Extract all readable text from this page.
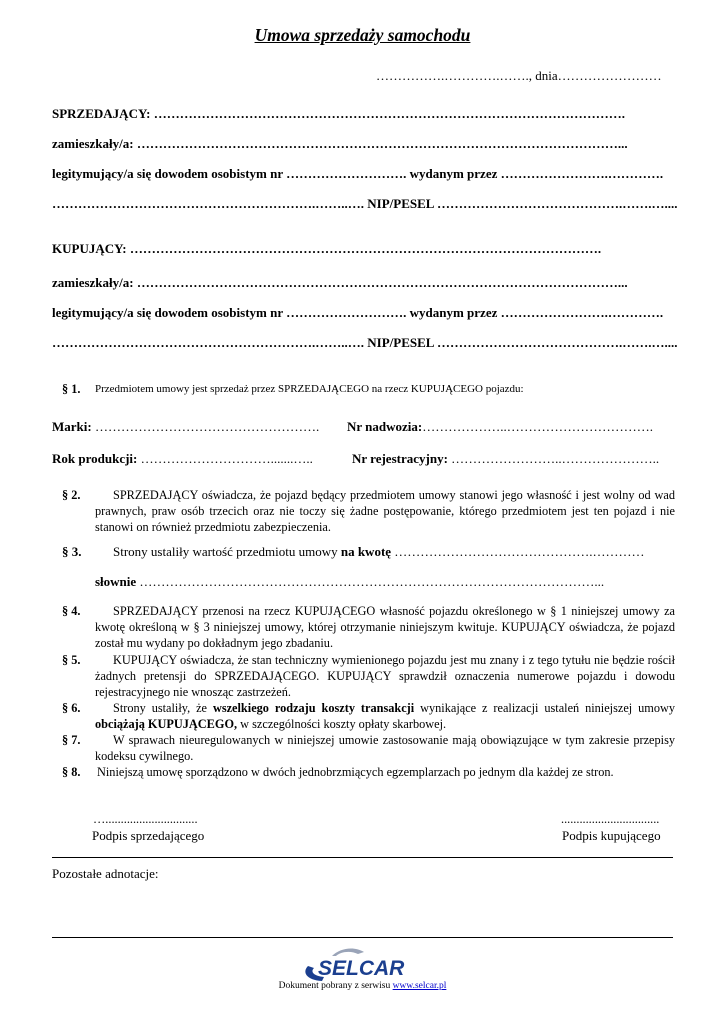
Umowa sprzedaży samochodu
…………….………….……., dnia……………………
SPRZEDAJĄCY: ……………………………………………………………………………………………….
zamieszkały/a: …………………………………………………………………………………………………...
legitymujący/a się dowodem osobistym nr ………………………. wydanym przez …………………….………….
…………………………………………………….……..…. NIP/PESEL …………………………………….…….…....
KUPUJĄCY: ……………………………………………………………………………………………….
zamieszkały/a: …………………………………………………………………………………………………...
legitymujący/a się dowodem osobistym nr ………………………. wydanym przez …………………….………….
…………………………………………………….……..…. NIP/PESEL …………………………………….…….…....
§ 1. Przedmiotem umowy jest sprzedaż przez SPRZEDAJĄCEGO na rzecz KUPUJĄCEGO pojazdu:
Marki: ……………………………………………. Nr nadwozia:………………..…………………………….
Rok produkcji: ………………………….......…..	Nr rejestracyjny: ……………………..…………………..
§ 2.	SPRZEDAJĄCY oświadcza, że pojazd będący przedmiotem umowy stanowi jego własność i jest wolny od wad prawnych, praw osób trzecich oraz nie toczy się żadne postępowanie, którego przedmiotem jest ten pojazd i nie stanowi on również przedmiotu zabezpieczenia.
§ 3. Strony ustaliły wartość przedmiotu umowy na kwotę ……………………………………….…………
słownie ……………………………………………………………………………………………...
§ 4.	SPRZEDAJĄCY przenosi na rzecz KUPUJĄCEGO własność pojazdu określonego w § 1 niniejszej umowy za kwotę określoną w § 3 niniejszej umowy, której otrzymanie niniejszym kwituje. KUPUJĄCY oświadcza, że pojazd został mu wydany po dokładnym jego zbadaniu.
§ 5.	KUPUJĄCY oświadcza, że stan techniczny wymienionego pojazdu jest mu znany i z tego tytułu nie będzie rościł żadnych pretensji do SPRZEDAJĄCEGO. KUPUJĄCY sprawdził oznaczenia numerowe pojazdu i dowodu rejestracyjnego nie wnosząc zastrzeżeń.
§ 6.	Strony ustaliły, że wszelkiego rodzaju koszty transakcji wynikające z realizacji ustaleń niniejszej umowy obciążają KUPUJĄCEGO, w szczególności koszty opłaty skarbowej.
§ 7.	W sprawach nieuregulowanych w niniejszej umowie zastosowanie mają obowiązujące w tym zakresie przepisy kodeksu cywilnego.
§ 8. Niniejszą umowę sporządzono w dwóch jednobrzmiących egzemplarzach po jednym dla każdej ze stron.
…..............................
Podpis sprzedającego
................................
Podpis kupującego
Pozostałe adnotacje:
SELCAR
Dokument pobrany z serwisu www.selcar.pl
